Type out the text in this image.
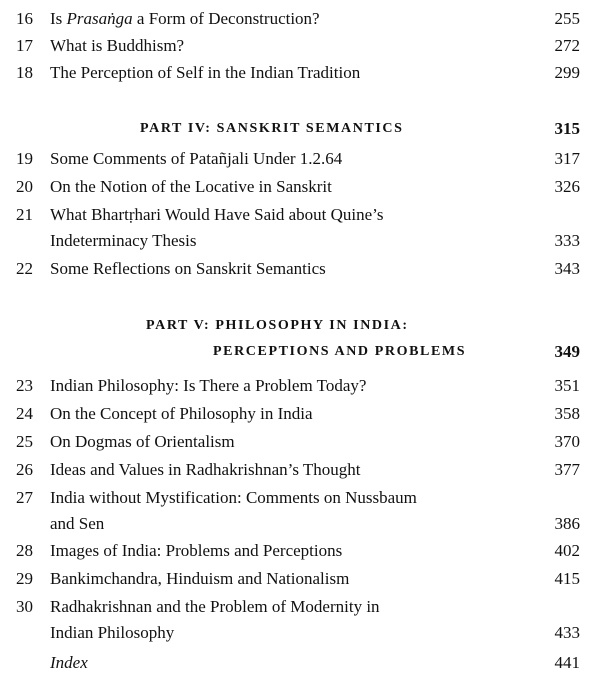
16 Is Prasaṅga a Form of Deconstruction?	255
17 What is Buddhism?	272
18 The Perception of Self in the Indian Tradition	299
PART IV: SANSKRIT SEMANTICS	315
19 Some Comments of Patañjali Under 1.2.64	317
20 On the Notion of the Locative in Sanskrit	326
21 What Bhartṛhari Would Have Said about Quine’s
Indeterminacy Thesis	333
22 Some Reflections on Sanskrit Semantics	343
PART V: PHILOSOPHY IN INDIA:
PERCEPTIONS AND PROBLEMS	349
23 Indian Philosophy: Is There a Problem Today?	351
24 On the Concept of Philosophy in India	358
25 On Dogmas of Orientalism	370
26 Ideas and Values in Radhakrishnan’s Thought	377
27 India without Mystification: Comments on Nussbaum
and Sen	386
28 Images of India: Problems and Perceptions	402
29 Bankimchandra, Hinduism and Nationalism	415
30 Radhakrishnan and the Problem of Modernity in
Indian Philosophy	433
Index	441
